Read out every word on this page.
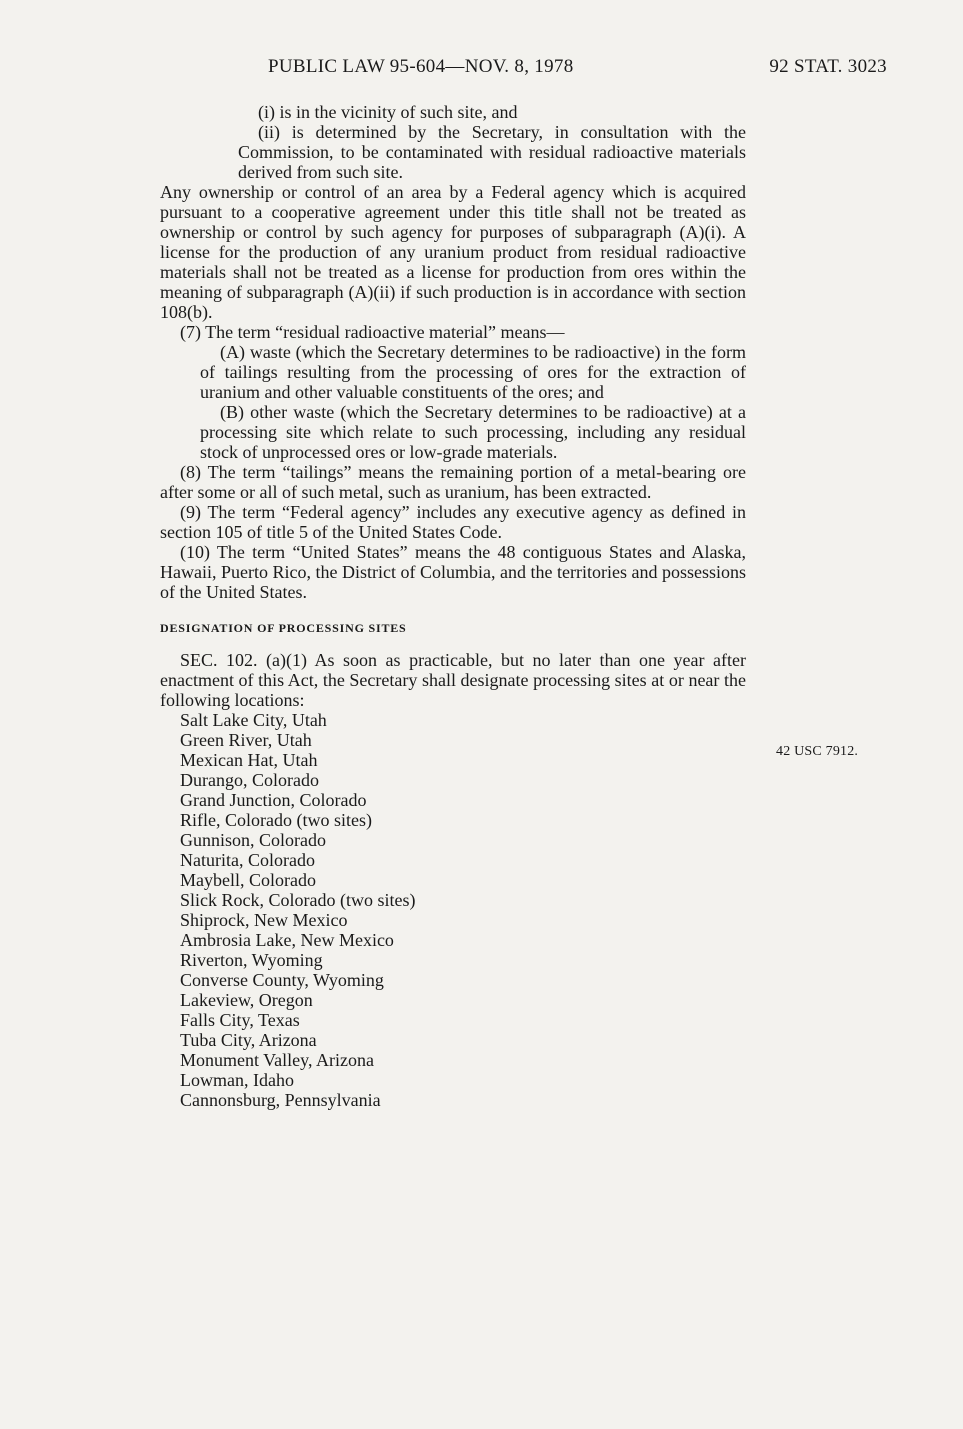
PUBLIC LAW 95-604—NOV. 8, 1978	92 STAT. 3023

(i) is in the vicinity of such site, and

(ii) is determined by the Secretary, in consultation with the Commission, to be contaminated with residual radioactive materials derived from such site.

Any ownership or control of an area by a Federal agency which is acquired pursuant to a cooperative agreement under this title shall not be treated as ownership or control by such agency for purposes of subparagraph (A)(i). A license for the production of any uranium product from residual radioactive materials shall not be treated as a license for production from ores within the meaning of subparagraph (A)(ii) if such production is in accordance with section 108(b).

(7) The term “residual radioactive material” means—

(A) waste (which the Secretary determines to be radioactive) in the form of tailings resulting from the processing of ores for the extraction of uranium and other valuable constituents of the ores; and

(B) other waste (which the Secretary determines to be radioactive) at a processing site which relate to such processing, including any residual stock of unprocessed ores or low-grade materials.

(8) The term “tailings” means the remaining portion of a metal-bearing ore after some or all of such metal, such as uranium, has been extracted.

(9) The term “Federal agency” includes any executive agency as defined in section 105 of title 5 of the United States Code.

(10) The term “United States” means the 48 contiguous States and Alaska, Hawaii, Puerto Rico, the District of Columbia, and the territories and possessions of the United States.

DESIGNATION OF PROCESSING SITES

SEC. 102. (a)(1) As soon as practicable, but no later than one year after enactment of this Act, the Secretary shall designate processing sites at or near the following locations:

Salt Lake City, Utah
Green River, Utah
Mexican Hat, Utah
Durango, Colorado
Grand Junction, Colorado
Rifle, Colorado (two sites)
Gunnison, Colorado
Naturita, Colorado
Maybell, Colorado
Slick Rock, Colorado (two sites)
Shiprock, New Mexico
Ambrosia Lake, New Mexico
Riverton, Wyoming
Converse County, Wyoming
Lakeview, Oregon
Falls City, Texas
Tuba City, Arizona
Monument Valley, Arizona
Lowman, Idaho
Cannonsburg, Pennsylvania
42 USC 7912.
